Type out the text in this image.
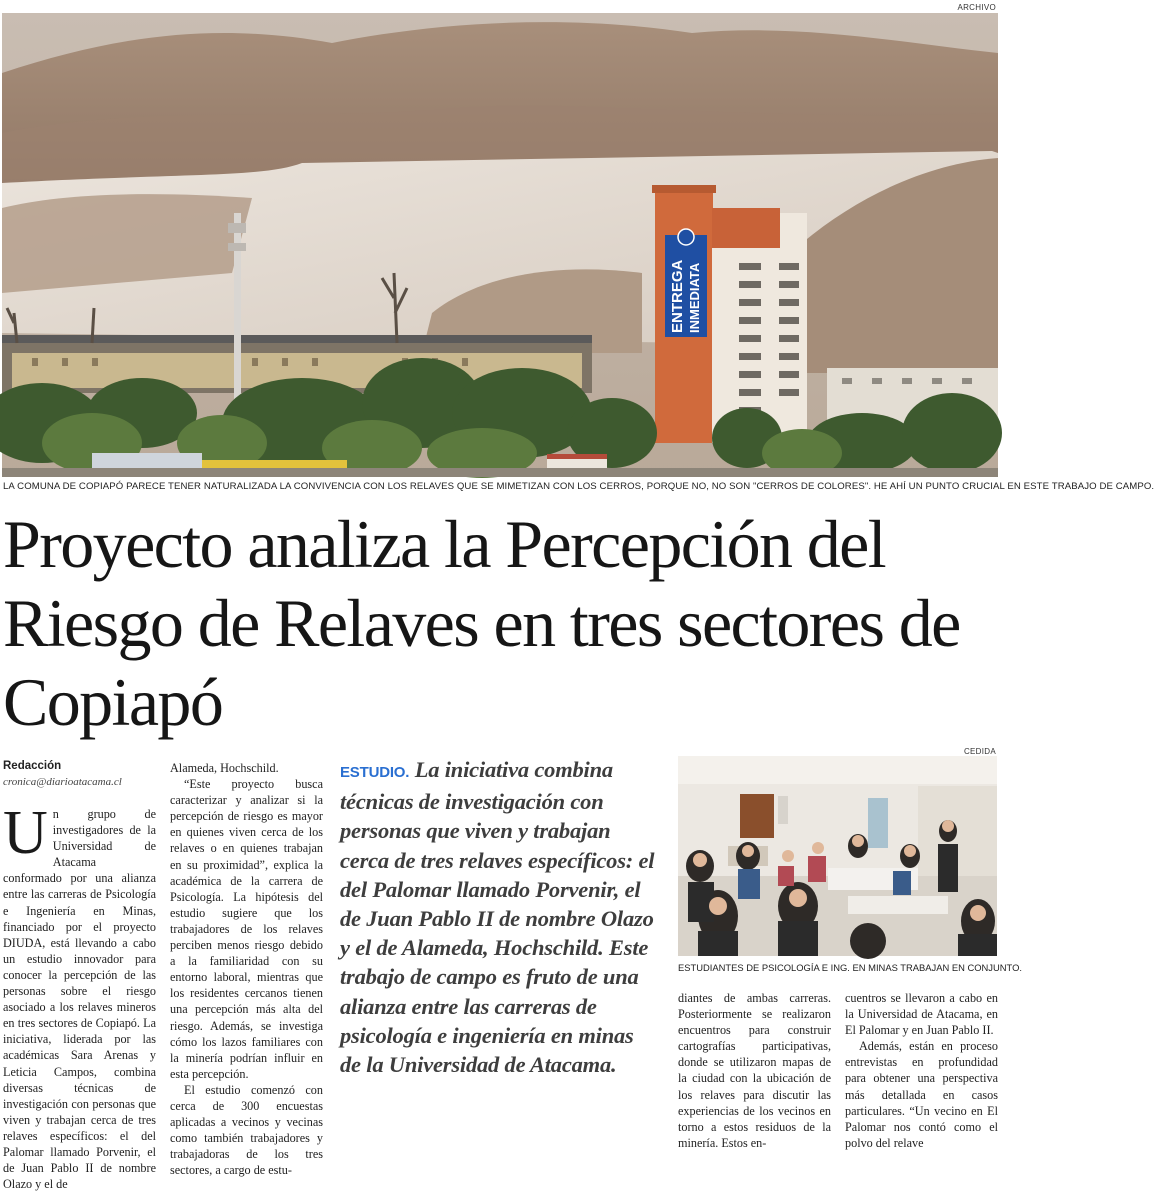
ARCHIVO
ENTREGA INMEDIATA
LA COMUNA DE COPIAPÓ PARECE TENER NATURALIZADA LA CONVIVENCIA CON LOS RELAVES QUE SE MIMETIZAN CON LOS CERROS, PORQUE NO, NO SON "CERROS DE COLORES". HE AHÍ UN PUNTO CRUCIAL EN ESTE TRABAJO DE CAMPO.
Proyecto analiza la Percepción del Riesgo de Relaves en tres sectores de Copiapó
Redacción
cronica@diarioatacama.cl
U n grupo de investigadores de la Universidad de Atacama conformado por una alianza entre las carreras de Psicología e Ingeniería en Minas, financiado por el proyecto DIUDA, está llevando a cabo un estudio innovador para conocer la percepción de las personas sobre el riesgo asociado a los relaves mineros en tres sectores de Copiapó. La iniciativa, liderada por las académicas Sara Arenas y Leticia Campos, combina diversas técnicas de investigación con personas que viven y trabajan cerca de tres relaves específicos: el del Palomar llamado Porvenir, el de Juan Pablo II de nombre Olazo y el de

Alameda, Hochschild.

“Este proyecto busca caracterizar y analizar si la percepción de riesgo es mayor en quienes viven cerca de los relaves o en quienes trabajan en su proximidad”, explica la académica de la carrera de Psicología. La hipótesis del estudio sugiere que los trabajadores de los relaves perciben menos riesgo debido a la familiaridad con su entorno laboral, mientras que los residentes cercanos tienen una percepción más alta del riesgo. Además, se investiga cómo los lazos familiares con la minería podrían influir en esta percepción.

El estudio comenzó con cerca de 300 encuestas aplicadas a vecinos y vecinas como también trabajadores y trabajadoras de los tres sectores, a cargo de estu-

ESTUDIO. La iniciativa combina técnicas de investigación con personas que viven y trabajan cerca de tres relaves específicos: el del Palomar llamado Porvenir, el de Juan Pablo II de nombre Olazo y el de Alameda, Hochschild. Este trabajo de campo es fruto de una alianza entre las carreras de psicología e ingeniería en minas de la Universidad de Atacama.
CEDIDA
ESTUDIANTES DE PSICOLOGÍA E ING. EN MINAS TRABAJAN EN CONJUNTO.

diantes de ambas carreras. Posteriormente se realizaron encuentros para construir cartografías participativas, donde se utilizaron mapas de la ciudad con la ubicación de los relaves para discutir las experiencias de los vecinos en torno a estos residuos de la minería. Estos en-

cuentros se llevaron a cabo en la Universidad de Atacama, en El Palomar y en Juan Pablo II.

Además, están en proceso entrevistas en profundidad para obtener una perspectiva más detallada en casos particulares. “Un vecino en El Palomar nos contó como el polvo del relave
